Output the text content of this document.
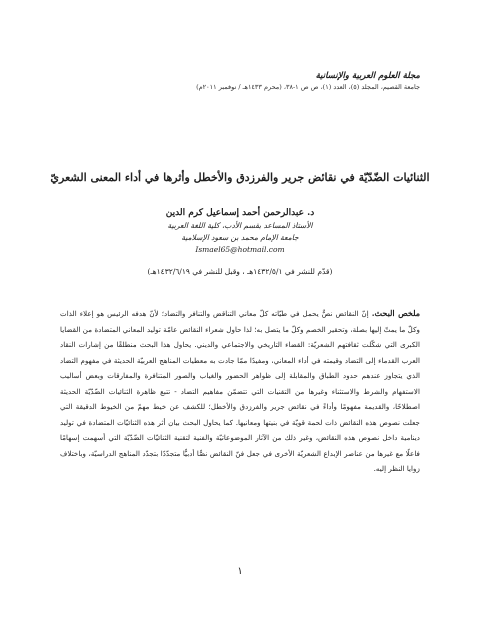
مجلة العلوم العربية والإنسانية
جامعة القصيم، المجلد (٥)، العدد (١)، ص ص ١-٣٨، (محرم ١٤٣٣هـ / نوفمبر ٢٠١١م)
الثنائيات الضّدّيّة في نقائض جرير والفرزدق والأخطل وأثرها في أداء المعنى الشعريّ
د. عبدالرحمن أحمد إسماعيل كرم الدين
الأستاذ المساعد بقسم الأدب، كلية اللغة العربية
جامعة الإمام محمد بن سعود الإسلامية
Ismael65@hotmail.com
(قدّم للنشر في ١٤٣٢/٥/١هـ ، وقبل للنشر في ١٤٣٢/٦/١٩هـ)
ملخص البحث. إنّ النقائض نصٌّ يحمل في طيّاته كلّ معاني التناقض والتنافر والتضاد؛ لأنّ هدفه الرئيس هو إعلاء الذات وكلّ ما يمتّ إليها بصلة، وتحقير الخصم وكلّ ما يتصل به؛ لذا حاول شعراء النقائض عامّة توليد المعاني المتضادة من القضايا الكبرى التي شكّلت ثقافتهم الشعريّة: القضاء التاريخي والاجتماعي والديني. يحاول هذا البحث منطلقًا من إشارات النقاد العرب القدماء إلى التضاد وقيمته في أداء المعاني، ومفيدًا ممّا جادت به معطيات المناهج العربيّة الحديثة في مفهوم التضاد الذي يتجاوز عندهم حدود الطباق والمقابلة إلى ظواهر الحضور والغياب والصور المتنافرة والمفارقات وبعض أساليب الاستفهام والشرط والاستثناء وغيرها من التقنيات التي تتضمّن مفاهيم التضاد - تتبع ظاهرة الثنائيات الضّدّيّة الحديثة اصطلاحًا، والقديمة مفهومًا وأداءً في نقائض جرير والفرزدق والأخطل؛ للكشف عن خيط مهمّ من الخيوط الدقيقة التي جعلت نصوص هذه النقائض ذات لحمة قويّة في بنيتها ومعانيها. كما يحاول البحث بيان أثر هذه الثنائيّات المتضادة في توليد دينامية داخل نصوص هذه النقائض، وغير ذلك من الآثار الموضوعاتيّة والفنية لتقنية الثنائيّات الضّدّيّة التي أسهمت إسهامًا فاعلًا مع غيرها من عناصر الإبداع الشعريّة الأخرى في جعل فنّ النقائض نصًّا أدبيًّا متجدّدًا بتجدّد المناهج الدراسيّة، وباختلاف زوايا النظر إليه.
١
